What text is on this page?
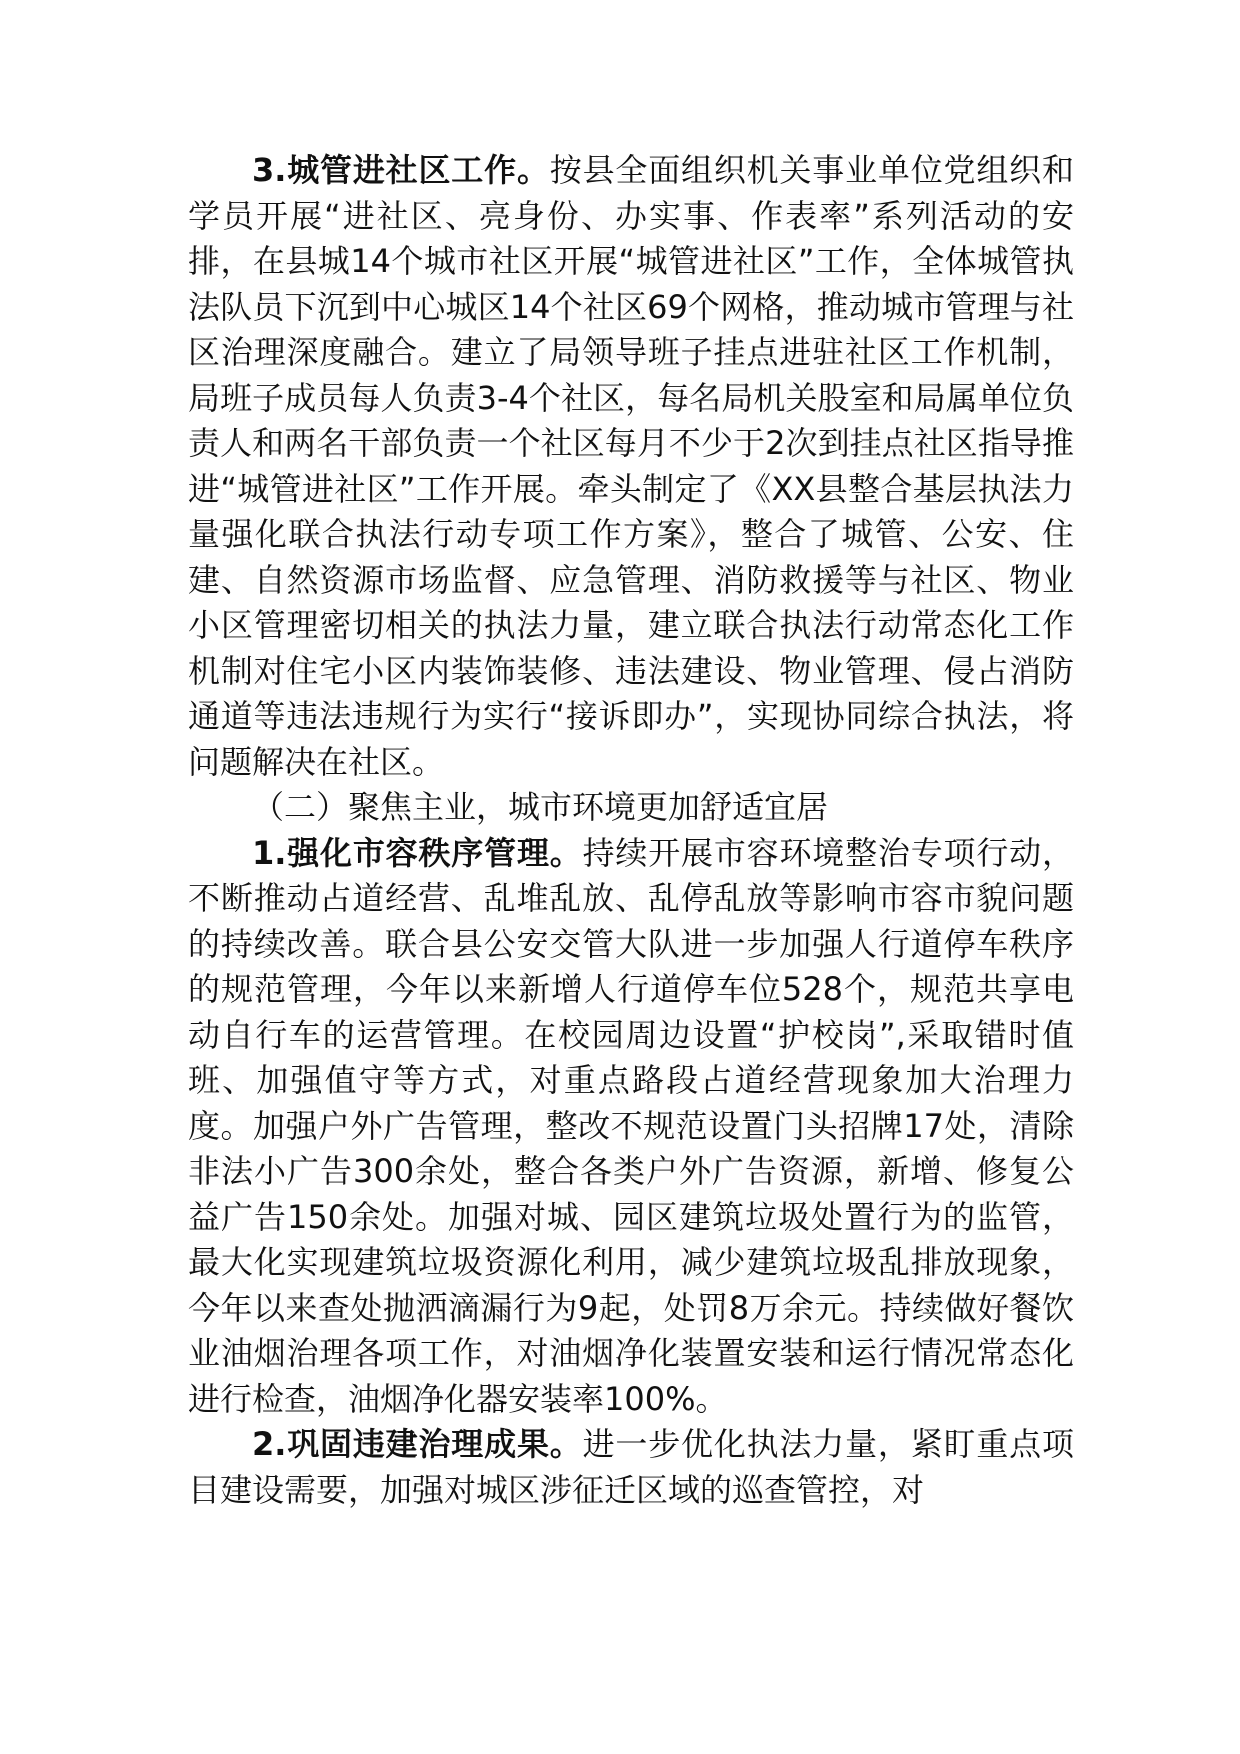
3.城管进社区工作。按县全面组织机关事业单位党组织和学员开展“进社区、亮身份、办实事、作表率”系列活动的安排，在县城14个城市社区开展“城管进社区”工作，全体城管执法队员下沉到中心城区14个社区69个网格，推动城市管理与社区治理深度融合。建立了局领导班子挂点进驻社区工作机制，局班子成员每人负责3-4个社区，每名局机关股室和局属单位负责人和两名干部负责一个社区每月不少于2次到挂点社区指导推进“城管进社区”工作开展。牵头制定了《XX县整合基层执法力量强化联合执法行动专项工作方案》，整合了城管、公安、住建、自然资源市场监督、应急管理、消防救援等与社区、物业小区管理密切相关的执法力量，建立联合执法行动常态化工作机制对住宅小区内装饰装修、违法建设、物业管理、侵占消防通道等违法违规行为实行“接诉即办”，实现协同综合执法，将问题解决在社区。

（二）聚焦主业，城市环境更加舒适宜居

1.强化市容秩序管理。持续开展市容环境整治专项行动，不断推动占道经营、乱堆乱放、乱停乱放等影响市容市貌问题的持续改善。联合县公安交管大队进一步加强人行道停车秩序的规范管理，今年以来新增人行道停车位528个，规范共享电动自行车的运营管理。在校园周边设置“护校岗”,采取错时值班、加强值守等方式，对重点路段占道经营现象加大治理力度。加强户外广告管理，整改不规范设置门头招牌17处，清除非法小广告300余处，整合各类户外广告资源，新增、修复公益广告150余处。加强对城、园区建筑垃圾处置行为的监管，最大化实现建筑垃圾资源化利用，减少建筑垃圾乱排放现象，今年以来查处抛洒滴漏行为9起，处罚8万余元。持续做好餐饮业油烟治理各项工作，对油烟净化装置安装和运行情况常态化进行检查，油烟净化器安装率100%。

2.巩固违建治理成果。进一步优化执法力量，紧盯重点项目建设需要，加强对城区涉征迁区域的巡查管控，对
